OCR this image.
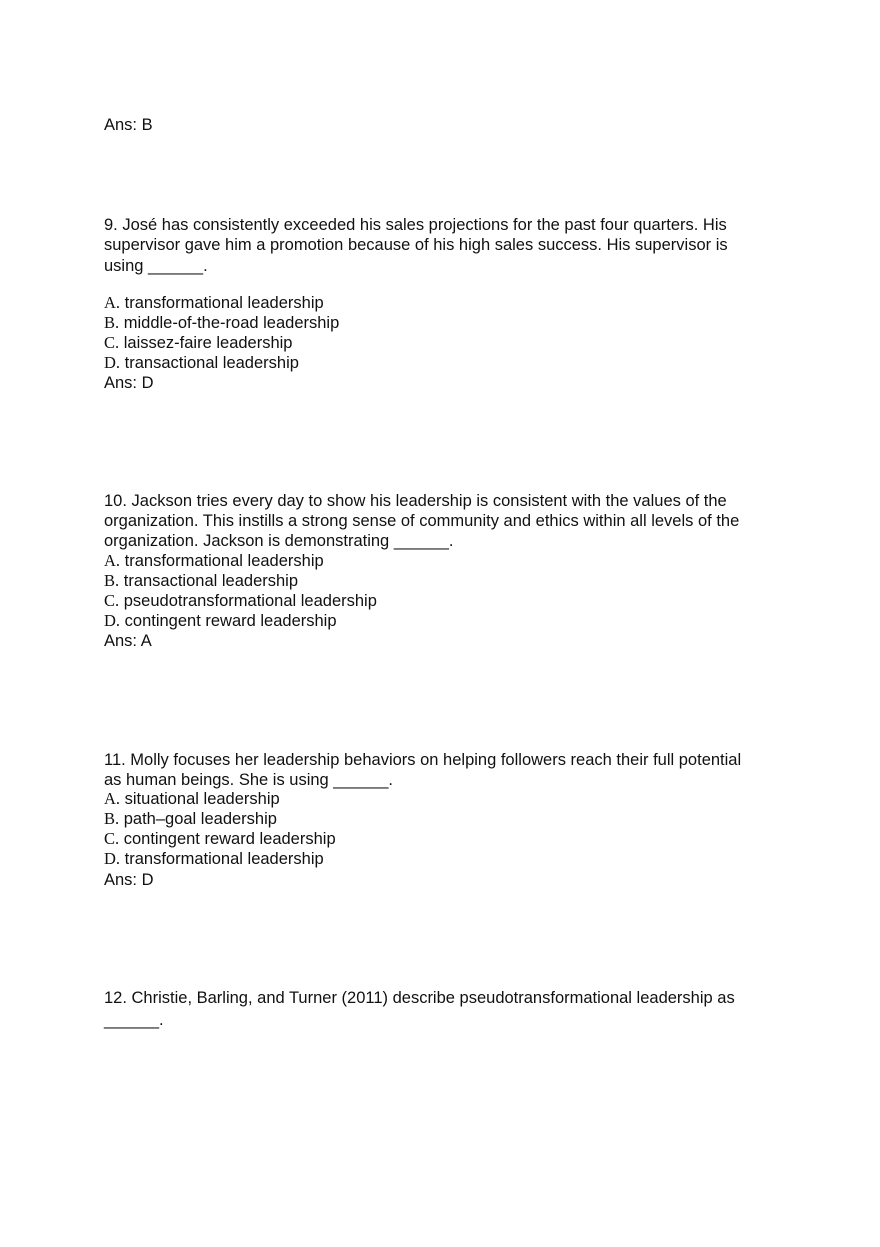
Ans: B

9. José has consistently exceeded his sales projections for the past four quarters. His

supervisor gave him a promotion because of his high sales success. His supervisor is

using ______.

A. transformational leadership

B. middle-of-the-road leadership

C. laissez-faire leadership

D. transactional leadership

Ans: D

10. Jackson tries every day to show his leadership is consistent with the values of the

organization. This instills a strong sense of community and ethics within all levels of the

organization. Jackson is demonstrating ______.

A. transformational leadership

B. transactional leadership

C. pseudotransformational leadership

D. contingent reward leadership

Ans: A

11. Molly focuses her leadership behaviors on helping followers reach their full potential

as human beings. She is using ______.

A. situational leadership

B. path–goal leadership

C. contingent reward leadership

D. transformational leadership

Ans: D

12. Christie, Barling, and Turner (2011) describe pseudotransformational leadership as

______.
